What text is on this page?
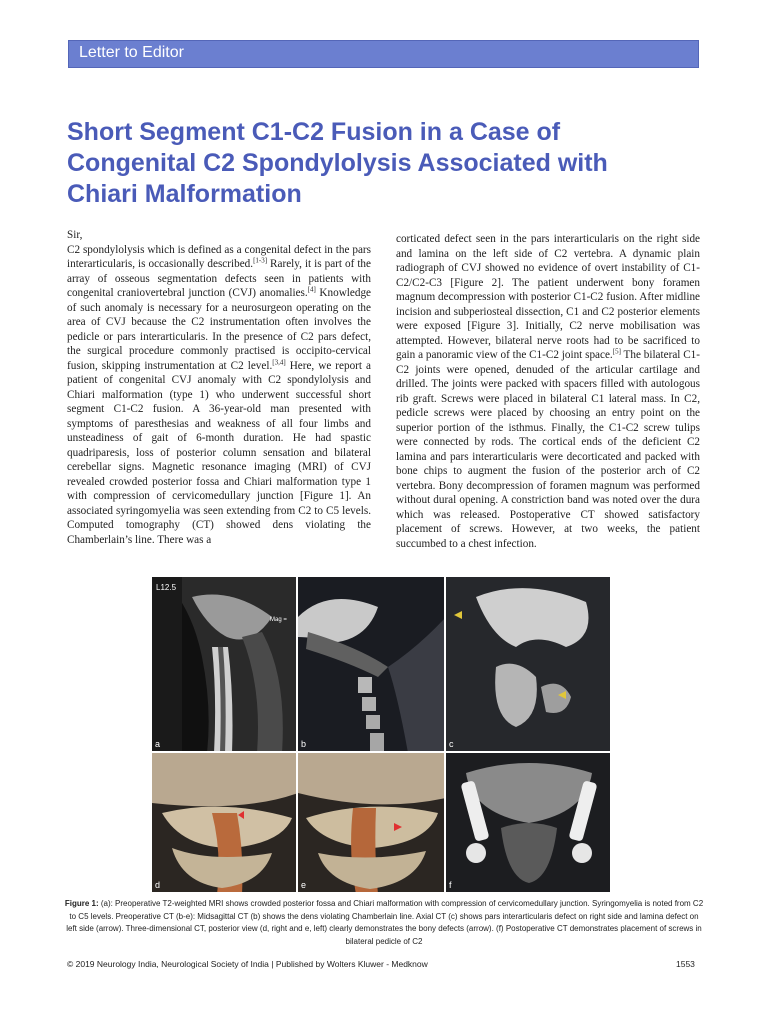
Letter to Editor
Short Segment C1-C2 Fusion in a Case of
Congenital C2 Spondylolysis Associated with
Chiari Malformation

Sir,

C2 spondylolysis which is defined as a congenital defect in the pars interarticularis, is occasionally described.[1-3] Rarely, it is part of the array of osseous segmentation defects seen in patients with congenital craniovertebral junction (CVJ) anomalies.[4] Knowledge of such anomaly is necessary for a neurosurgeon operating on the area of CVJ because the C2 instrumentation often involves the pedicle or pars interarticularis. In the presence of C2 pars defect, the surgical procedure commonly practised is occipito-cervical fusion, skipping instrumentation at C2 level.[3,4] Here, we report a patient of congenital CVJ anomaly with C2 spondylolysis and Chiari malformation (type 1) who underwent successful short segment C1-C2 fusion. A 36-year-old man presented with symptoms of paresthesias and weakness of all four limbs and unsteadiness of gait of 6-month duration. He had spastic quadriparesis, loss of posterior column sensation and bilateral cerebellar signs. Magnetic resonance imaging (MRI) of CVJ revealed crowded posterior fossa and Chiari malformation type 1 with compression of cervicomedullary junction [Figure 1]. An associated syringomyelia was seen extending from C2 to C5 levels. Computed tomography (CT) showed dens violating the Chamberlain’s line. There was a

corticated defect seen in the pars interarticularis on the right side and lamina on the left side of C2 vertebra. A dynamic plain radiograph of CVJ showed no evidence of overt instability of C1-C2/C2-C3 [Figure 2]. The patient underwent bony foramen magnum decompression with posterior C1-C2 fusion. After midline incision and subperiosteal dissection, C1 and C2 posterior elements were exposed [Figure 3]. Initially, C2 nerve mobilisation was attempted. However, bilateral nerve roots had to be sacrificed to gain a panoramic view of the C1-C2 joint space.[5] The bilateral C1-C2 joints were opened, denuded of the articular cartilage and drilled. The joints were packed with spacers filled with autologous rib graft. Screws were placed in bilateral C1 lateral mass. In C2, pedicle screws were placed by choosing an entry point on the superior portion of the isthmus. Finally, the C1-C2 screw tulips were connected by rods. The cortical ends of the deficient C2 lamina and pars interarticularis were decorticated and packed with bone chips to augment the fusion of the posterior arch of C2 vertebra. Bony decompression of foramen magnum was performed without dural opening. A constriction band was noted over the dura which was released. Postoperative CT showed satisfactory placement of screws. However, at two weeks, the patient succumbed to a chest infection.

L12.5
Mag =
a	b	c
d	e	f

Figure 1: (a): Preoperative T2-weighted MRI shows crowded posterior fossa and Chiari malformation with compression of cervicomedullary junction. Syringomyelia is noted from C2 to C5 levels. Preoperative CT (b-e): Midsagittal CT (b) shows the dens violating Chamberlain line. Axial CT (c) shows pars interarticularis defect on right side and lamina defect on left side (arrow). Three-dimensional CT, posterior view (d, right and e, left) clearly demonstrates the bony defects (arrow). (f) Postoperative CT demonstrates placement of screws in bilateral pedicle of C2

© 2019 Neurology India, Neurological Society of India | Published by Wolters Kluwer - Medknow	1553
